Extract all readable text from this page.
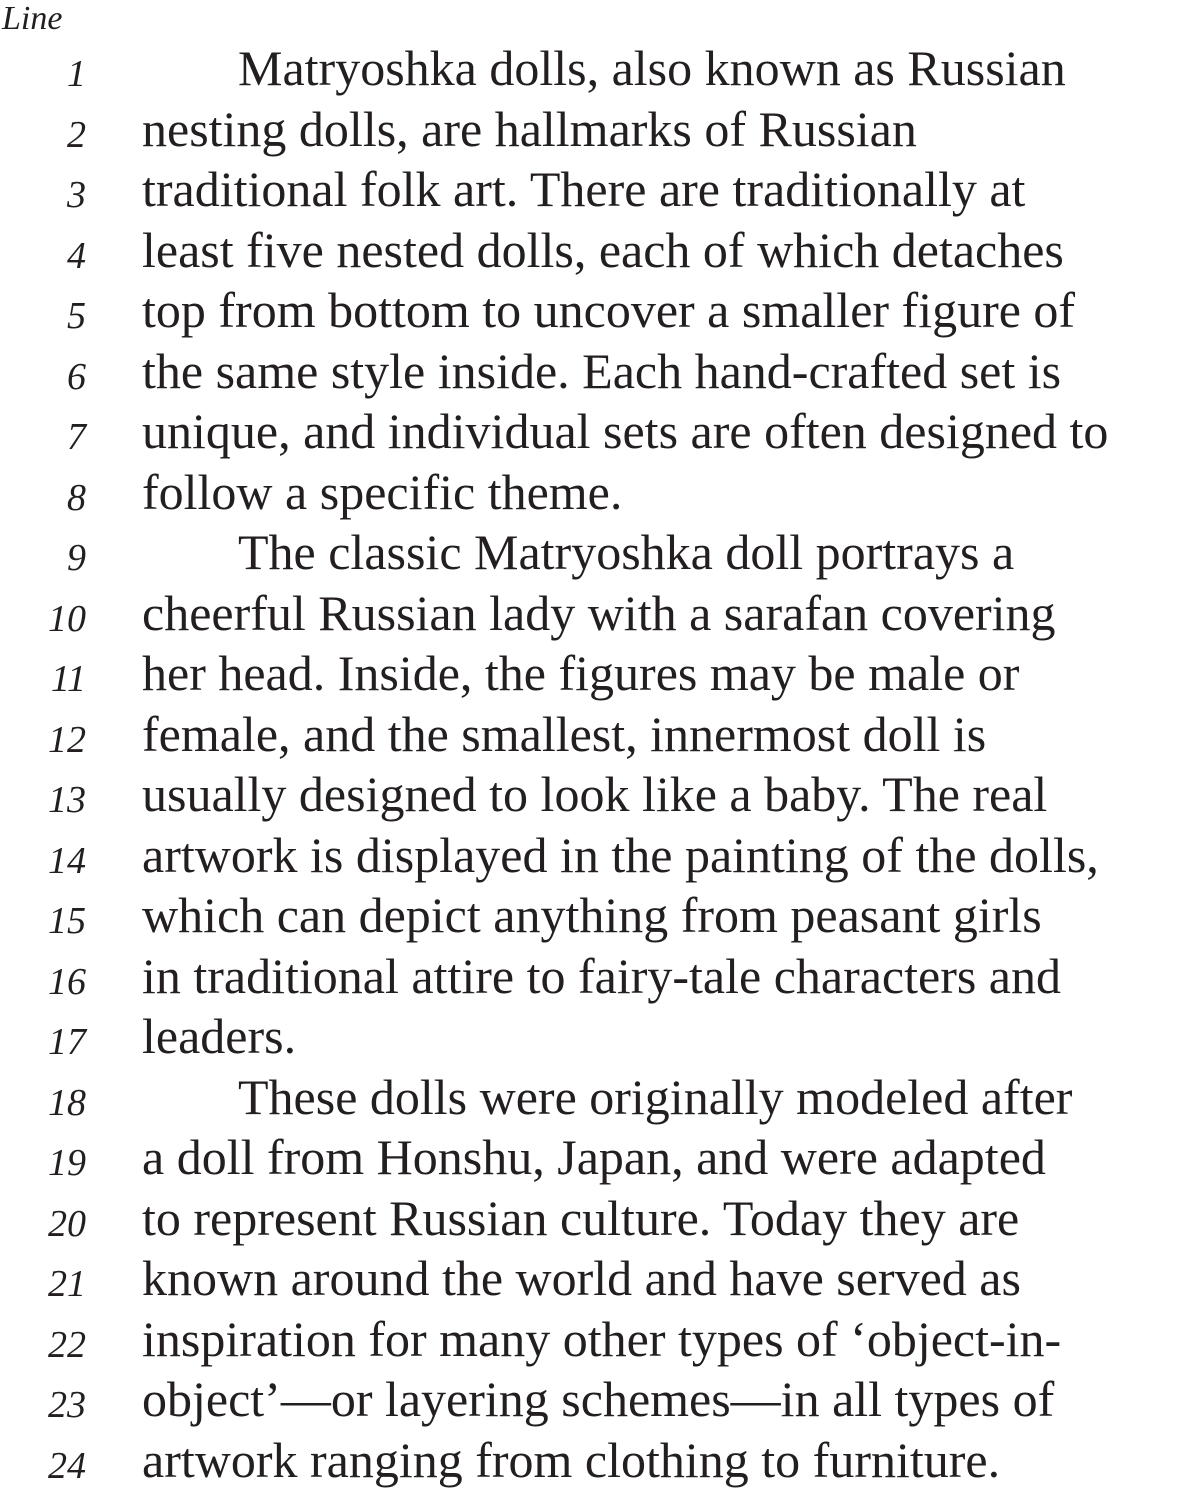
Line
1	Matryoshka dolls, also known as Russian
2 nesting dolls, are hallmarks of Russian
3 traditional folk art. There are traditionally at
4 least five nested dolls, each of which detaches
5 top from bottom to uncover a smaller figure of
6 the same style inside. Each hand-crafted set is
7 unique, and individual sets are often designed to
8 follow a specific theme.
9	The classic Matryoshka doll portrays a
10 cheerful Russian lady with a sarafan covering
11 her head. Inside, the figures may be male or
12 female, and the smallest, innermost doll is
13 usually designed to look like a baby. The real
14 artwork is displayed in the painting of the dolls,
15 which can depict anything from peasant girls
16 in traditional attire to fairy-tale characters and
17 leaders.
18	These dolls were originally modeled after
19 a doll from Honshu, Japan, and were adapted
20 to represent Russian culture. Today they are
21 known around the world and have served as
22 inspiration for many other types of ‘object-in-
23 object’—or layering schemes—in all types of
24 artwork ranging from clothing to furniture.
